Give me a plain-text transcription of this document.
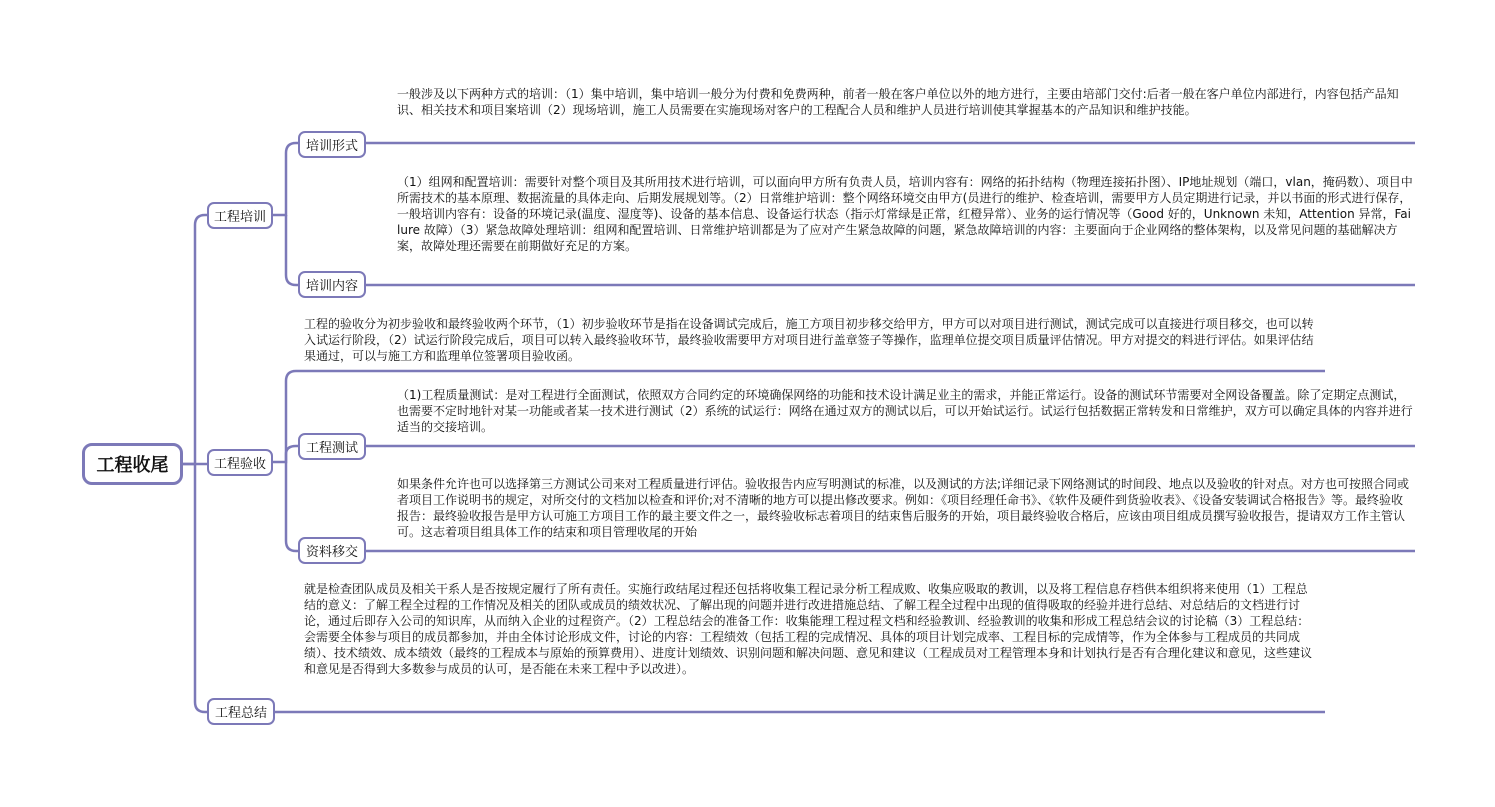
工程收尾
工程培训
培训形式

一般涉及以下两种方式的培训：（1）集中培训，集中培训一般分为付费和免费两种，前者一般在客户单位以外的地方进行，主要由培部门交付:后者一般在客户单位内部进行，内容包括产品知识、相关技术和项目案培训（2）现场培训，施工人员需要在实施现场对客户的工程配合人员和维护人员进行培训使其掌握基本的产品知识和维护技能。

培训内容

（1）组网和配置培训：需要针对整个项目及其所用技术进行培训，可以面向甲方所有负责人员，培训内容有：网络的拓扑结构（物理连接拓扑图）、IP地址规划（端口，vlan，掩码数）、项目中所需技术的基本原理、数据流量的具体走向、后期发展规划等。（2）日常维护培训：整个网络环境交由甲方(员进行的维护、检查培训，需要甲方人员定期进行记录，并以书面的形式进行保存，一般培训内容有：设备的环境记录(温度、湿度等)、设备的基本信息、设备运行状态（指示灯常绿是正常，红橙异常）、业务的运行情况等（Good 好的，Unknown 未知，Attention 异常，Failure 故障）（3）紧急故障处理培训：组网和配置培训、日常维护培训都是为了应对产生紧急故障的问题，紧急故障培训的内容：主要面向于企业网络的整体架构，以及常见问题的基础解决方案，故障处理还需要在前期做好充足的方案。

工程验收

工程的验收分为初步验收和最终验收两个环节，（1）初步验收环节是指在设备调试完成后，施工方项目初步移交给甲方，甲方可以对项目进行测试，测试完成可以直接进行项目移交，也可以转入试运行阶段，（2）试运行阶段完成后，项目可以转入最终验收环节，最终验收需要甲方对项目进行盖章签子等操作，监理单位提交项目质量评估情况。甲方对提交的料进行评估。如果评估结果通过，可以与施工方和监理单位签署项目验收函。

工程测试

（1)工程质量测试：是对工程进行全面测试，依照双方合同约定的环境确保网络的功能和技术设计满足业主的需求，并能正常运行。设备的测试环节需要对全网设备覆盖。除了定期定点测试，也需要不定时地针对某一功能或者某一技术进行测试（2）系统的试运行：网络在通过双方的测试以后，可以开始试运行。试运行包括数据正常转发和日常维护，双方可以确定具体的内容并进行适当的交接培训。

资料移交

如果条件允许也可以选择第三方测试公司来对工程质量进行评估。验收报告内应写明测试的标准，以及测试的方法;详细记录下网络测试的时间段、地点以及验收的针对点。对方也可按照合同或者项目工作说明书的规定，对所交付的文档加以检查和评价;对不清晰的地方可以提出修改要求。例如：《项目经理任命书》、《软件及硬件到货验收表》、《设备安装调试合格报告》等。最终验收报告：最终验收报告是甲方认可施工方项目工作的最主要文件之一，最终验收标志着项目的结束售后服务的开始，项目最终验收合格后，应该由项目组成员撰写验收报告，提请双方工作主管认可。这志着项目组具体工作的结束和项目管理收尾的开始

工程总结

就是检查团队成员及相关干系人是否按规定履行了所有责任。实施行政结尾过程还包括将收集工程记录分析工程成败、收集应吸取的教训，以及将工程信息存档供本组织将来使用（1）工程总结的意义：了解工程全过程的工作情况及相关的团队或成员的绩效状况、了解出现的问题并进行改进措施总结、了解工程全过程中出现的值得吸取的经验并进行总结、对总结后的文档进行讨论，通过后即存入公司的知识库，从而纳入企业的过程资产。（2）工程总结会的准备工作：收集能理工程过程文档和经验教训、经验教训的收集和形成工程总结会议的讨论稿（3）工程总结：会需要全体参与项目的成员都参加，并由全体讨论形成文件，讨论的内容：工程绩效（包括工程的完成情况、具体的项目计划完成率、工程目标的完成情等，作为全体参与工程成员的共同成绩）、技术绩效、成本绩效（最终的工程成本与原始的预算费用）、进度计划绩效、识别问题和解决问题、意见和建议（工程成员对工程管理本身和计划执行是否有合理化建议和意见，这些建议和意见是否得到大多数参与成员的认可，是否能在未来工程中予以改进）。
